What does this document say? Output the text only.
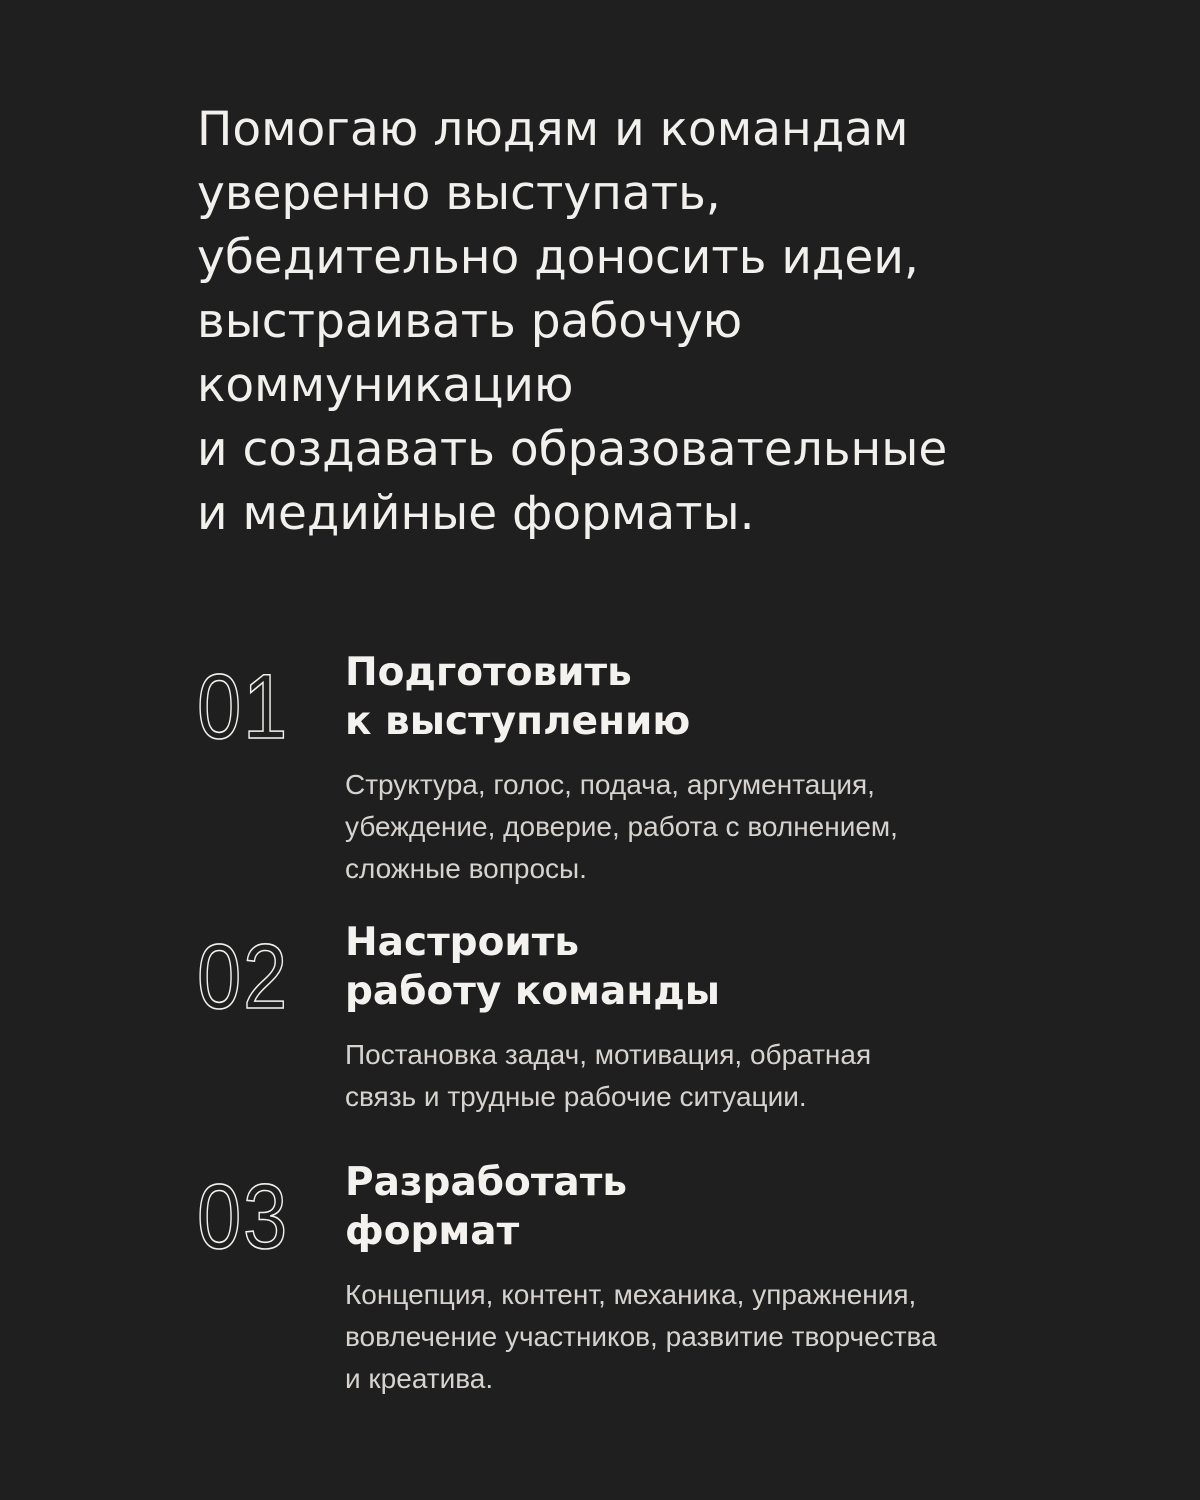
Помогаю людям и командам
уверенно выступать,
убедительно доносить идеи,
выстраивать рабочую
коммуникацию
и создавать образовательные
и медийные форматы.
01 Подготовить
к выступлению
Структура, голос, подача, аргументация,
убеждение, доверие, работа с волнением,
сложные вопросы.
02 Настроить
работу команды
Постановка задач, мотивация, обратная
связь и трудные рабочие ситуации.
03 Разработать
формат
Концепция, контент, механика, упражнения,
вовлечение участников, развитие творчества
и креатива.
